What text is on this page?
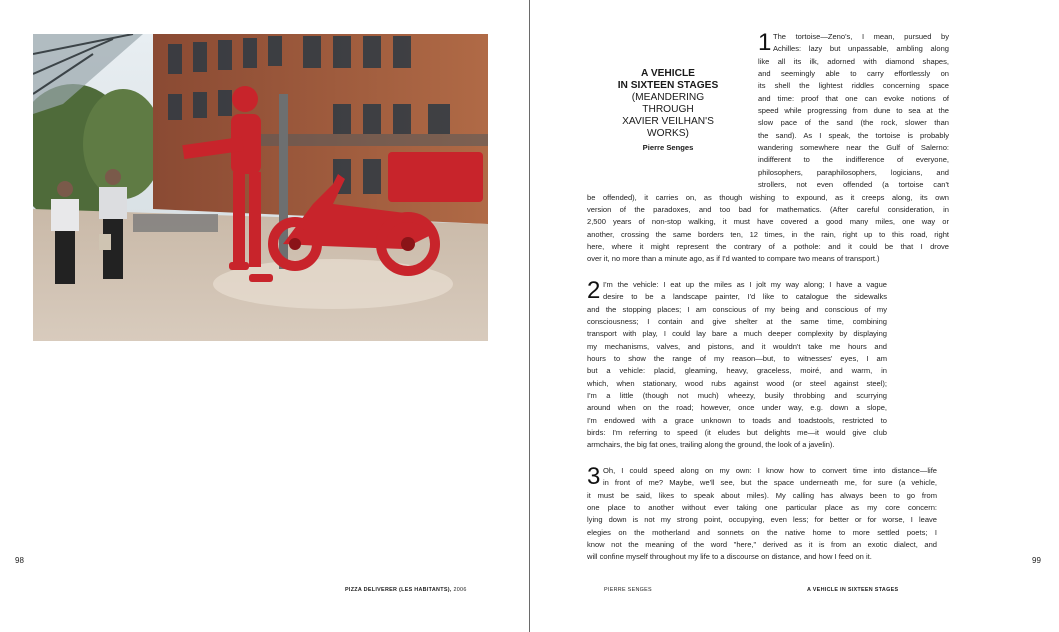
98
PIZZA DELIVERER (LES HABITANTS), 2006
A VEHICLE
IN SIXTEEN STAGES
(MEANDERING
THROUGH
XAVIER VEILHAN'S
WORKS)
Pierre Senges
1 The tortoise—Zeno's, I mean, pursued by
Achilles: lazy but unpassable, ambling along
like all its ilk, adorned with diamond shapes,
and seemingly able to carry effortlessly on
its shell the lightest riddles concerning space
and time: proof that one can evoke notions of
speed while progressing from dune to sea at the
slow pace of the sand (the rock, slower than
the sand). As I speak, the tortoise is probably
wandering somewhere near the Gulf of Salerno:
indifferent to the indifference of everyone,
philosophers, paraphilosophers, logicians, and
strollers, not even offended (a tortoise can't
be offended), it carries on, as though wishing to expound, as it creeps along, its own
version of the paradoxes, and too bad for mathematics. (After careful consideration, in
2,500 years of non-stop walking, it must have covered a good many miles, one way or
another, crossing the same borders ten, 12 times, in the rain, right up to this road, right
here, where it might represent the contrary of a pothole: and it could be that I drove
over it, no more than a minute ago, as if I'd wanted to compare two means of transport.)
2 I'm the vehicle: I eat up the miles as I jolt my way along; I have a vague
desire to be a landscape painter, I'd like to catalogue the sidewalks
and the stopping places; I am conscious of my being and conscious of my
consciousness; I contain and give shelter at the same time, combining
transport with play, I could lay bare a much deeper complexity by displaying
my mechanisms, valves, and pistons, and it wouldn't take me hours and
hours to show the range of my reason—but, to witnesses' eyes, I am
but a vehicle: placid, gleaming, heavy, graceless, moiré, and warm, in
which, when stationary, wood rubs against wood (or steel against steel);
I'm a little (though not much) wheezy, busily throbbing and scurrying
around when on the road; however, once under way, e.g. down a slope,
I'm endowed with a grace unknown to toads and toadstools, restricted to
birds: I'm referring to speed (it eludes but delights me—it would give club
armchairs, the big fat ones, trailing along the ground, the look of a javelin).
3 Oh, I could speed along on my own: I know how to convert time into distance—life
in front of me? Maybe, we'll see, but the space underneath me, for sure (a vehicle,
it must be said, likes to speak about miles). My calling has always been to go from
one place to another without ever taking one particular place as my core concern:
lying down is not my strong point, occupying, even less; for better or for worse, I leave
elegies on the motherland and sonnets on the native home to more settled poets; I
know not the meaning of the word "here," derived as it is from an exotic dialect, and
will confine myself throughout my life to a discourse on distance, and how I feed on it.	99
PIERRE SENGES	A VEHICLE IN SIXTEEN STAGES
